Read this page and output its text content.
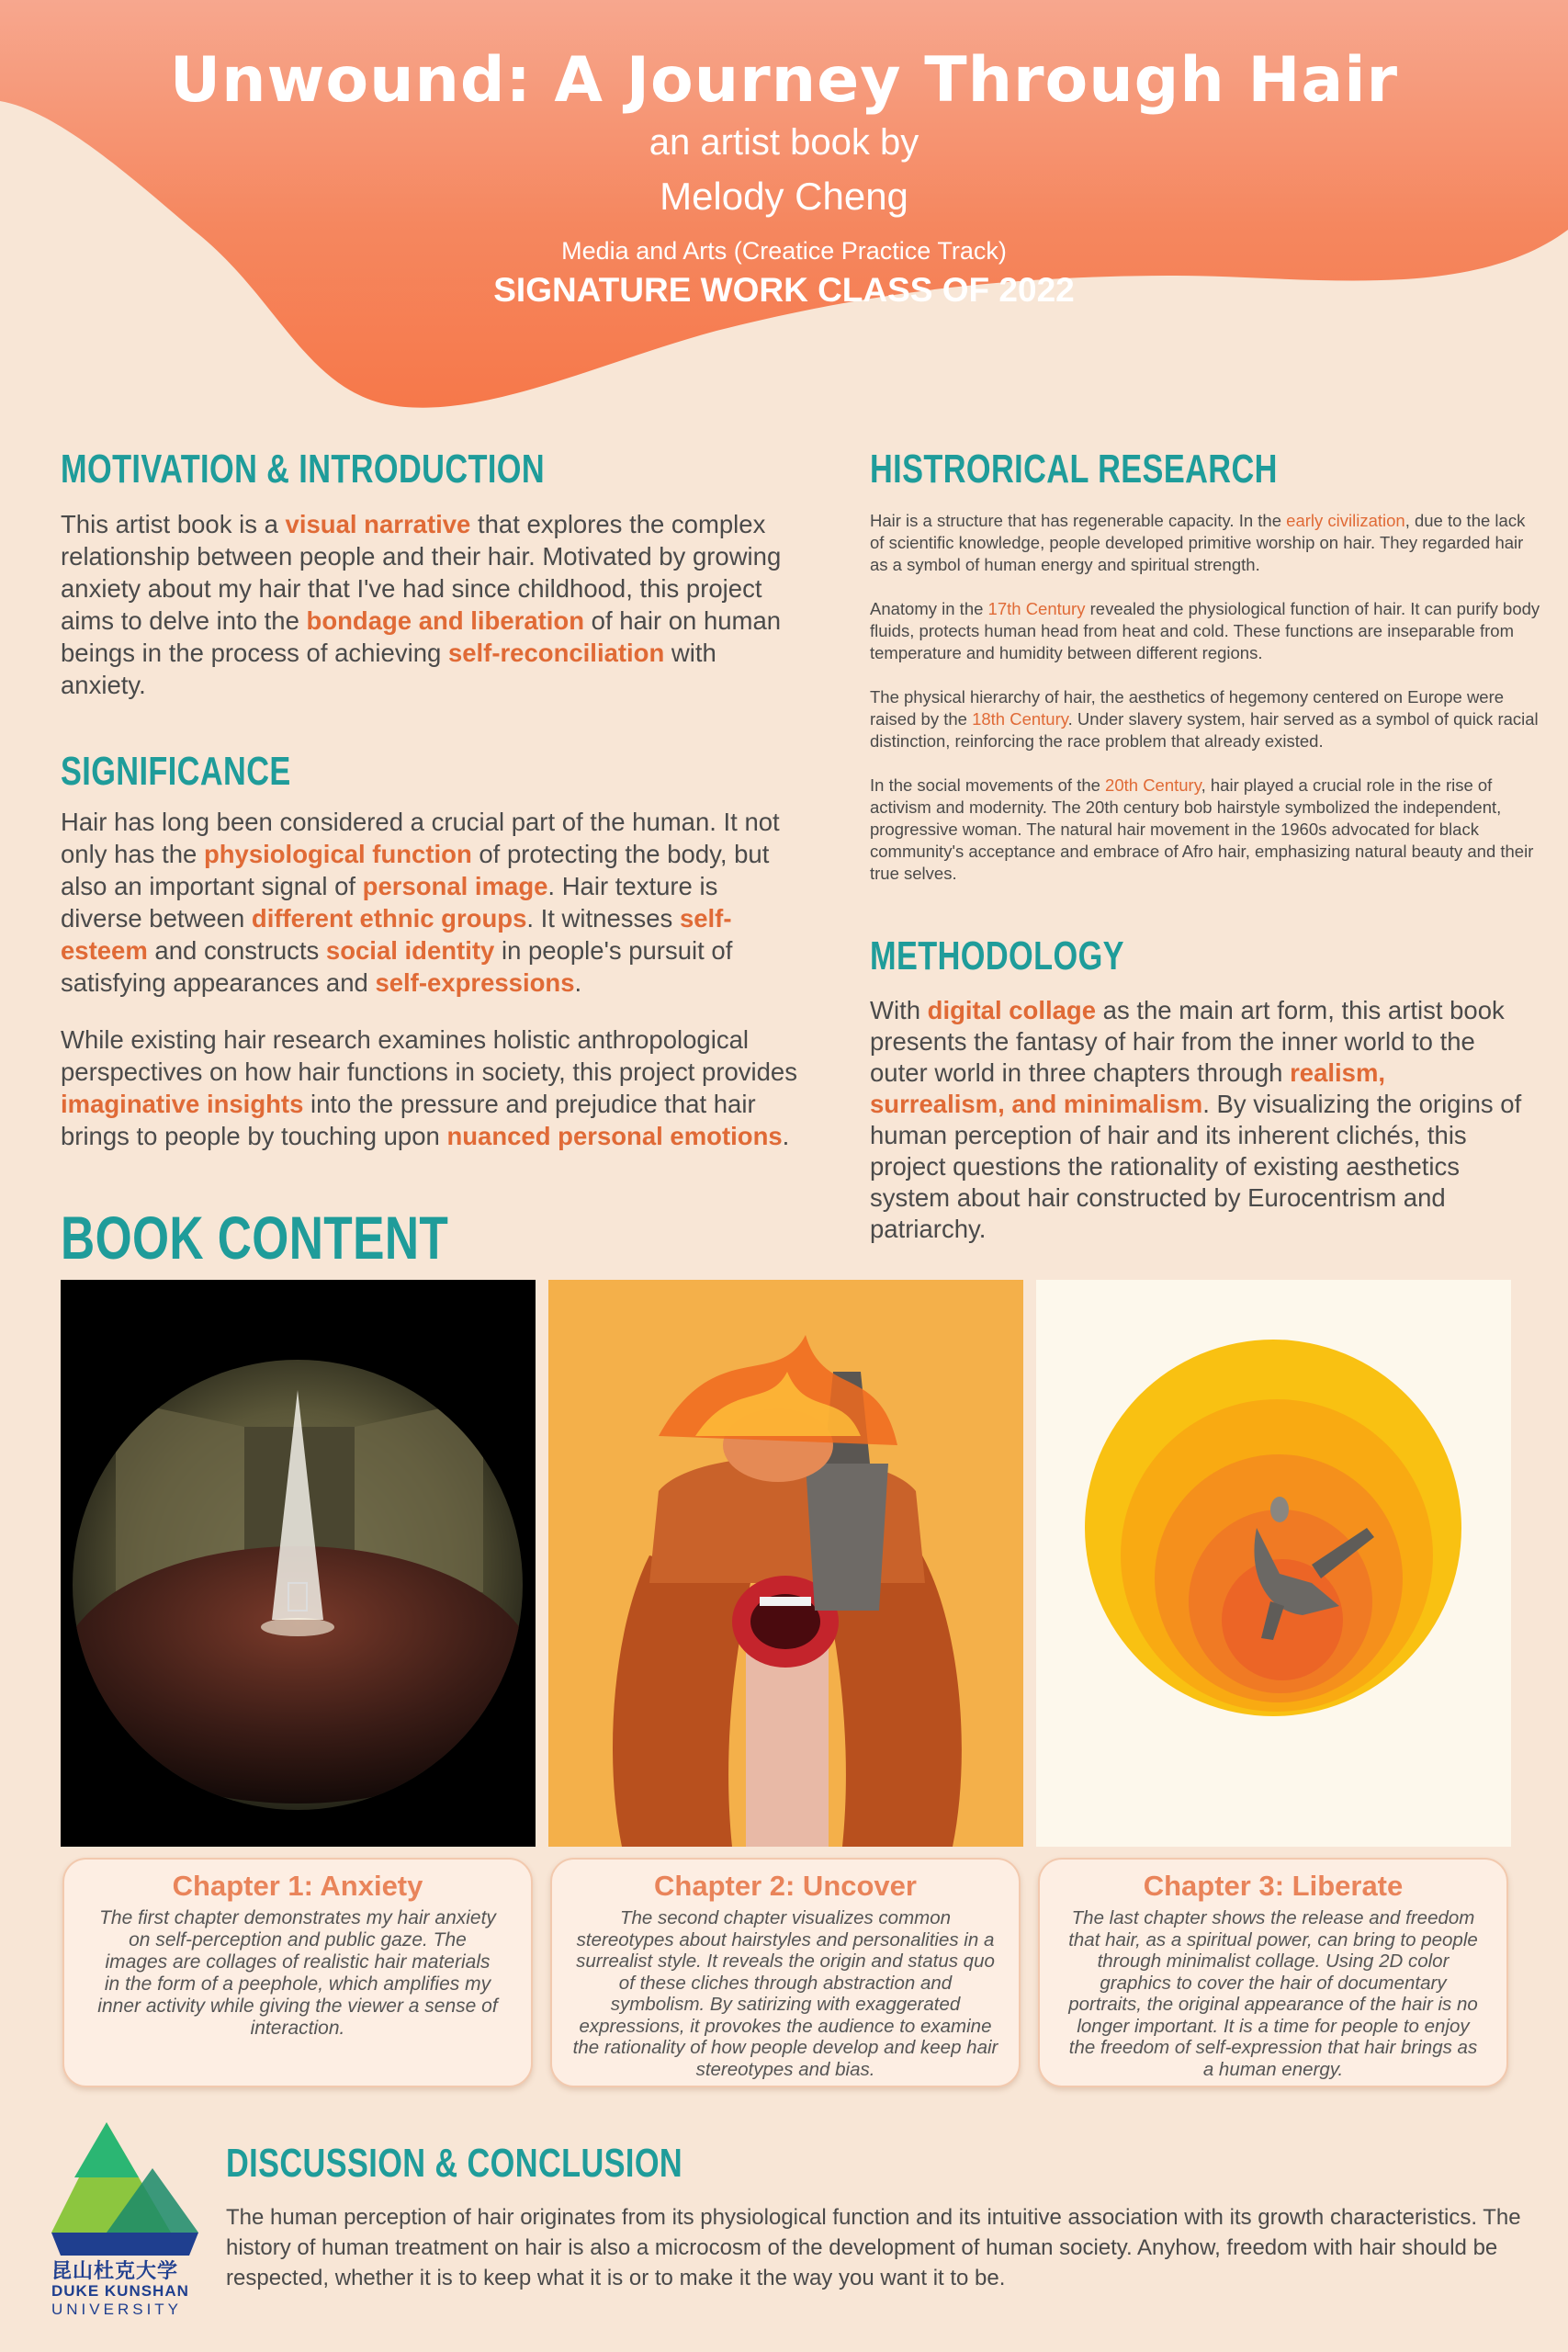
Unwound: A Journey Through Hair
an artist book by
Melody Cheng
Media and Arts (Creatice Practice Track)
SIGNATURE WORK CLASS OF 2022
MOTIVATION & INTRODUCTION
This artist book is a visual narrative that explores the complex relationship between people and their hair. Motivated by growing anxiety about my hair that I've had since childhood, this project aims to delve into the bondage and liberation of hair on human beings in the process of achieving self-reconciliation with anxiety.
SIGNIFICANCE
Hair has long been considered a crucial part of the human. It not only has the physiological function of protecting the body, but also an important signal of personal image. Hair texture is diverse between different ethnic groups. It witnesses self-esteem and constructs social identity in people's pursuit of satisfying appearances and self-expressions.
While existing hair research examines holistic anthropological perspectives on how hair functions in society, this project provides imaginative insights into the pressure and prejudice that hair brings to people by touching upon nuanced personal emotions.
HISTRORICAL RESEARCH

Hair is a structure that has regenerable capacity. In the early civilization, due to the lack of scientific knowledge, people developed primitive worship on hair. They regarded hair as a symbol of human energy and spiritual strength.

Anatomy in the 17th Century revealed the physiological function of hair. It can purify body fluids, protects human head from heat and cold. These functions are inseparable from temperature and humidity between different regions.

The physical hierarchy of hair, the aesthetics of hegemony centered on Europe were raised by the 18th Century. Under slavery system, hair served as a symbol of quick racial distinction, reinforcing the race problem that already existed.

In the social movements of the 20th Century, hair played a crucial role in the rise of activism and modernity. The 20th century bob hairstyle symbolized the independent, progressive woman. The natural hair movement in the 1960s advocated for black community's acceptance and embrace of Afro hair, emphasizing natural beauty and their true selves.

METHODOLOGY
With digital collage as the main art form, this artist book presents the fantasy of hair from the inner world to the outer world in three chapters through realism, surrealism, and minimalism. By visualizing the origins of human perception of hair and its inherent clichés, this project questions the rationality of existing aesthetics system about hair constructed by Eurocentrism and patriarchy.
BOOK CONTENT
Chapter 1: Anxiety
The first chapter demonstrates my hair anxiety on self-perception and public gaze. The images are collages of realistic hair materials in the form of a peephole, which amplifies my inner activity while giving the viewer a sense of interaction.
Chapter 2: Uncover
The second chapter visualizes common stereotypes about hairstyles and personalities in a surrealist style. It reveals the origin and status quo of these cliches through abstraction and symbolism. By satirizing with exaggerated expressions, it provokes the audience to examine the rationality of how people develop and keep hair stereotypes and bias.
Chapter 3: Liberate
The last chapter shows the release and freedom that hair, as a spiritual power, can bring to people through minimalist collage. Using 2D color graphics to cover the hair of documentary portraits, the original appearance of the hair is no longer important. It is a time for people to enjoy the freedom of self-expression that hair brings as a human energy.
昆山杜克大学
DUKE KUNSHAN
UNIVERSITY
DISCUSSION & CONCLUSION
The human perception of hair originates from its physiological function and its intuitive association with its growth characteristics. The history of human treatment on hair is also a microcosm of the development of human society. Anyhow, freedom with hair should be respected, whether it is to keep what it is or to make it the way you want it to be.
